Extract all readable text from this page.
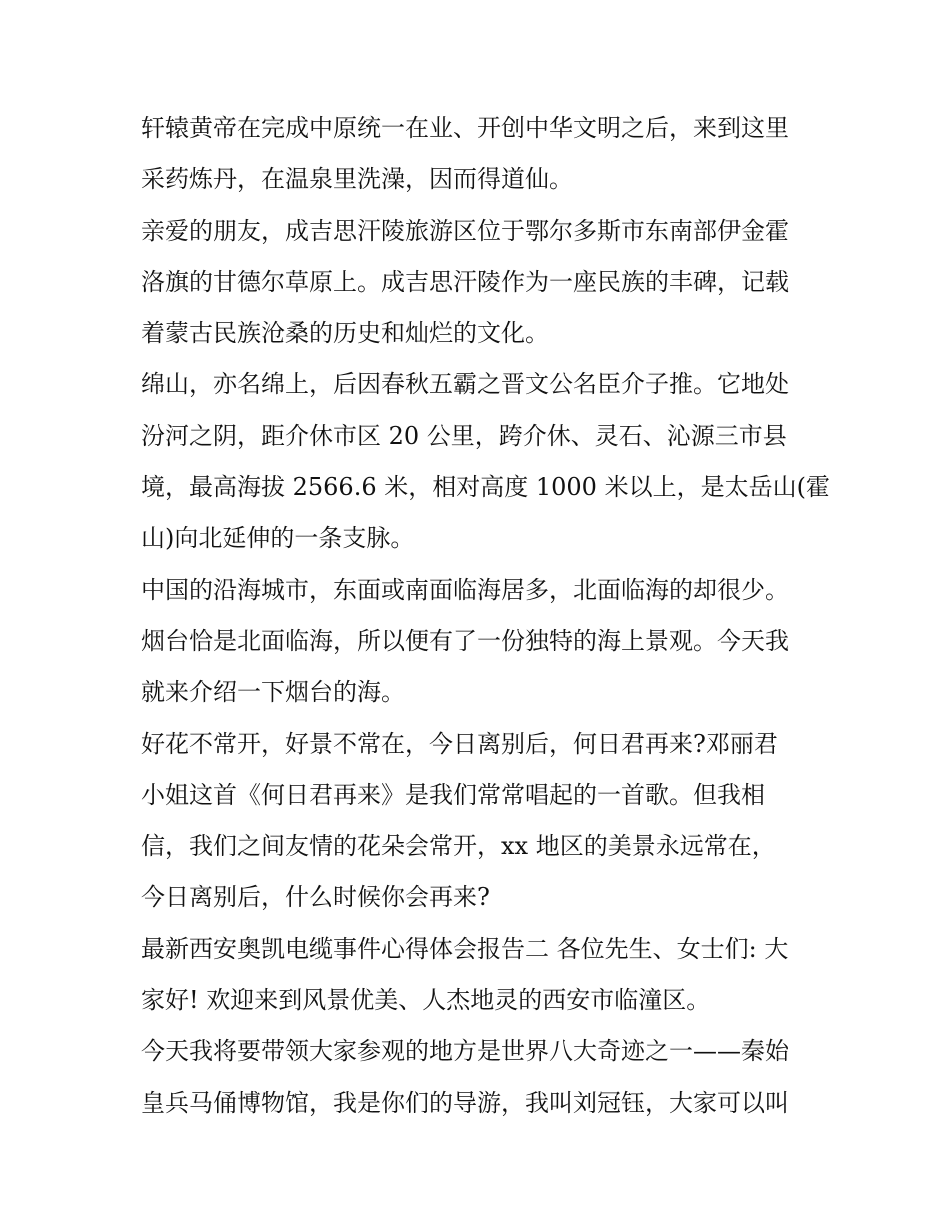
轩辕黄帝在完成中原统一在业、开创中华文明之后，来到这里
采药炼丹，在温泉里洗澡，因而得道仙。
亲爱的朋友，成吉思汗陵旅游区位于鄂尔多斯市东南部伊金霍
洛旗的甘德尔草原上。成吉思汗陵作为一座民族的丰碑，记载
着蒙古民族沧桑的历史和灿烂的文化。
绵山，亦名绵上，后因春秋五霸之晋文公名臣介子推。它地处
汾河之阴，距介休市区 20 公里，跨介休、灵石、沁源三市县
境，最高海拔 2566.6 米，相对高度 1000 米以上，是太岳山(霍
山)向北延伸的一条支脉。
中国的沿海城市，东面或南面临海居多，北面临海的却很少。
烟台恰是北面临海，所以便有了一份独特的海上景观。今天我
就来介绍一下烟台的海。
好花不常开，好景不常在，今日离别后，何日君再来?邓丽君
小姐这首《何日君再来》是我们常常唱起的一首歌。但我相
信，我们之间友情的花朵会常开，xx 地区的美景永远常在，
今日离别后，什么时候你会再来?
最新西安奥凯电缆事件心得体会报告二 各位先生、女士们: 大
家好! 欢迎来到风景优美、人杰地灵的西安市临潼区。
今天我将要带领大家参观的地方是世界八大奇迹之一——秦始
皇兵马俑博物馆，我是你们的导游，我叫刘冠钰，大家可以叫
